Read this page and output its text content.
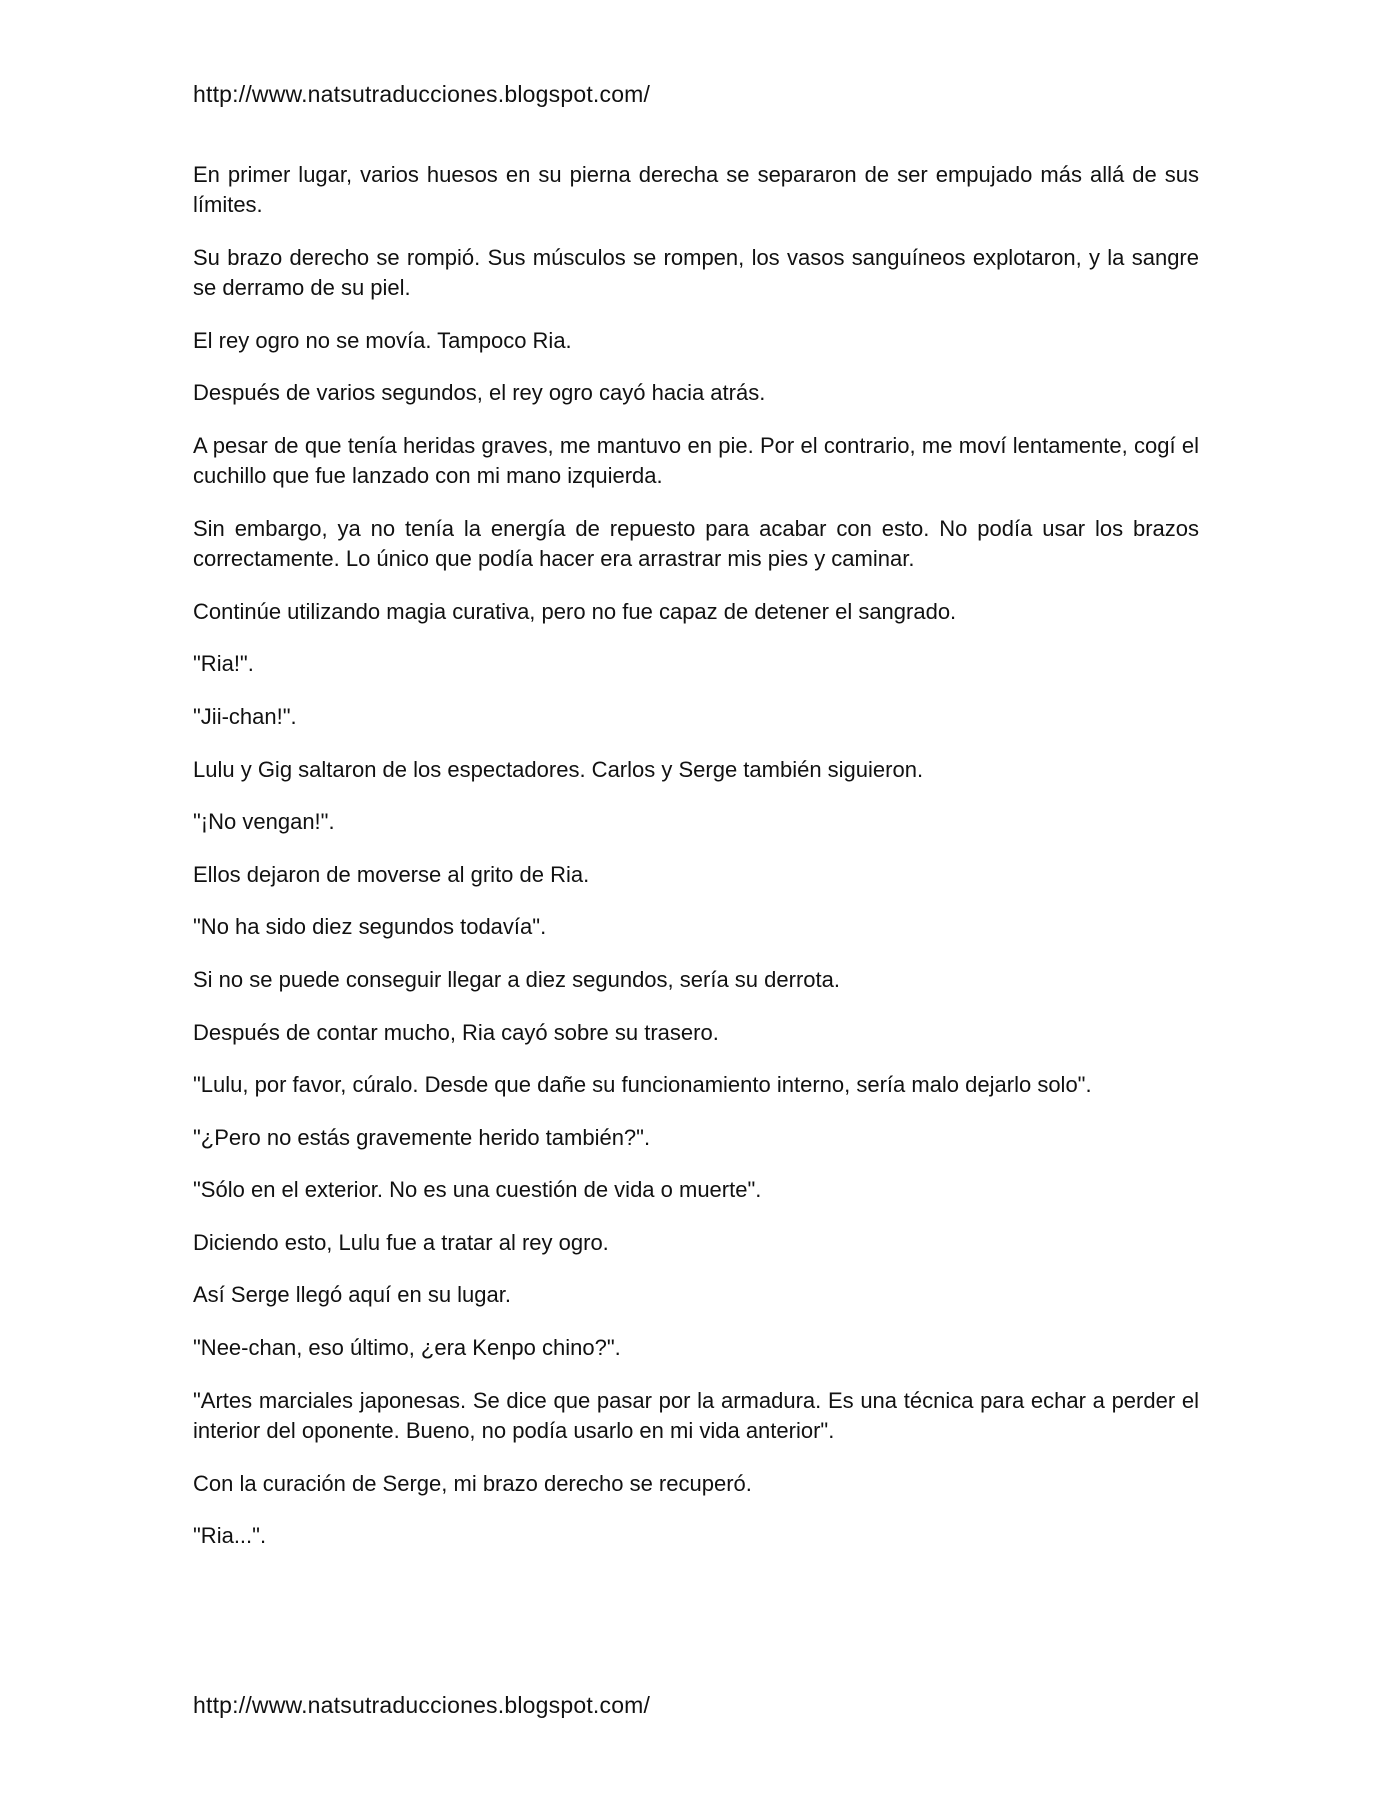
http://www.natsutraducciones.blogspot.com/

En primer lugar, varios huesos en su pierna derecha se separaron de ser empujado más allá de sus límites.

Su brazo derecho se rompió. Sus músculos se rompen, los vasos sanguíneos explotaron, y la sangre se derramo de su piel.

El rey ogro no se movía. Tampoco Ria.

Después de varios segundos, el rey ogro cayó hacia atrás.

A pesar de que tenía heridas graves, me mantuvo en pie. Por el contrario, me moví lentamente, cogí el cuchillo que fue lanzado con mi mano izquierda.

Sin embargo, ya no tenía la energía de repuesto para acabar con esto. No podía usar los brazos correctamente. Lo único que podía hacer era arrastrar mis pies y caminar.

Continúe utilizando magia curativa, pero no fue capaz de detener el sangrado.

"Ria!".

"Jii-chan!".

Lulu y Gig saltaron de los espectadores. Carlos y Serge también siguieron.

"¡No vengan!".

Ellos dejaron de moverse al grito de Ria.

"No ha sido diez segundos todavía".

Si no se puede conseguir llegar a diez segundos, sería su derrota.

Después de contar mucho, Ria cayó sobre su trasero.

"Lulu, por favor, cúralo. Desde que dañe su funcionamiento interno, sería malo dejarlo solo".

"¿Pero no estás gravemente herido también?".

"Sólo en el exterior. No es una cuestión de vida o muerte".

Diciendo esto, Lulu fue a tratar al rey ogro.

Así Serge llegó aquí en su lugar.

"Nee-chan, eso último, ¿era Kenpo chino?".

"Artes marciales japonesas. Se dice que pasar por la armadura. Es una técnica para echar a perder el interior del oponente. Bueno, no podía usarlo en mi vida anterior".

Con la curación de Serge, mi brazo derecho se recuperó.

"Ria...".

http://www.natsutraducciones.blogspot.com/
